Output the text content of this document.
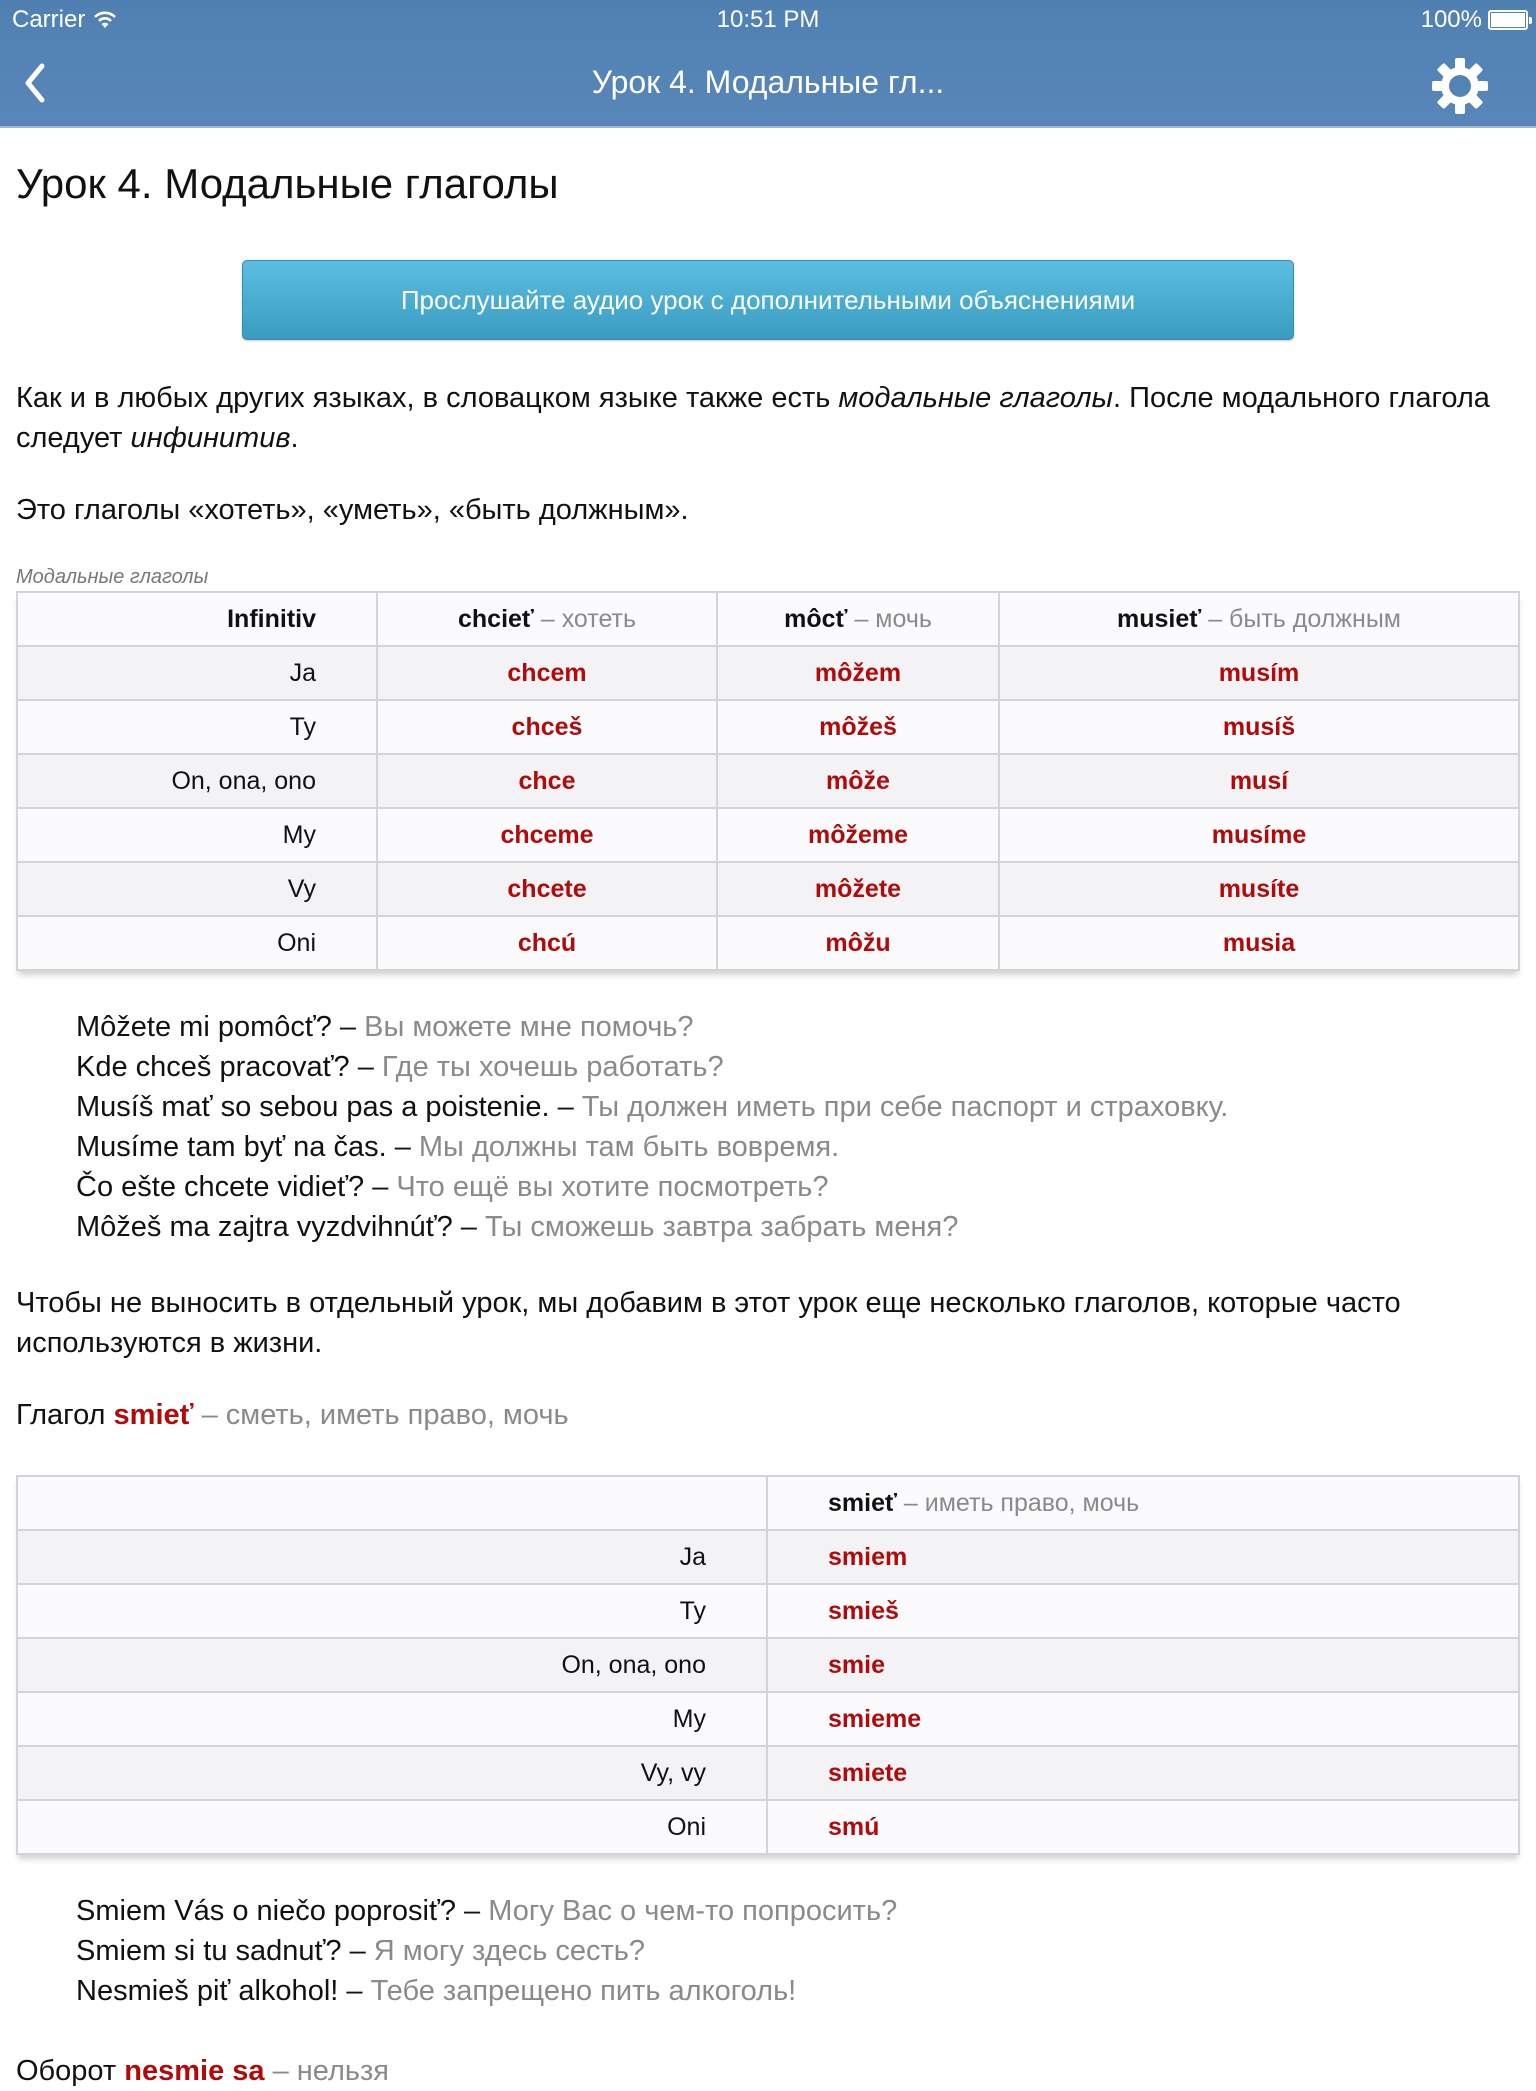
Carrier	10:51 PM	100%
Урок 4. Модальные гл...
Урок 4. Модальные глаголы
Прослушайте аудио урок с дополнительными объяснениями

Как и в любых других языках, в словацком языке также есть модальные глаголы. После модального глагола следует инфинитив.

Это глаголы «хотеть», «уметь», «быть должным».

Модальные глаголы
Infinitiv	chcieť – хотеть	môcť – мочь	musieť – быть должным
Ja	chcem	môžem	musím
Ty	chceš	môžeš	musíš
On, ona, ono	chce	môže	musí
My	chceme	môžeme	musíme
Vy	chcete	môžete	musíte
Oni	chcú	môžu	musia
Môžete mi pomôcť? – Вы можете мне помочь?
Kde chceš pracovať? – Где ты хочешь работать?
Musíš mať so sebou pas a poistenie. – Ты должен иметь при себе паспорт и страховку.
Musíme tam byť na čas. – Мы должны там быть вовремя.
Čo ešte chcete vidieť? – Что ещё вы хотите посмотреть?
Môžeš ma zajtra vyzdvihnúť? – Ты сможешь завтра забрать меня?

Чтобы не выносить в отдельный урок, мы добавим в этот урок еще несколько глаголов, которые часто используются в жизни.

Глагол smieť – сметь, иметь право, мочь
	smieť – иметь право, мочь
Ja	smiem
Ty	smieš
On, ona, ono	smie
My	smieme
Vy, vy	smiete
Oni	smú
Smiem Vás o niečo poprosiť? – Могу Вас о чем-то попросить?
Smiem si tu sadnuť? – Я могу здесь сесть?
Nesmieš piť alkohol! – Тебе запрещено пить алкоголь!
Оборот nesmie sa – нельзя
